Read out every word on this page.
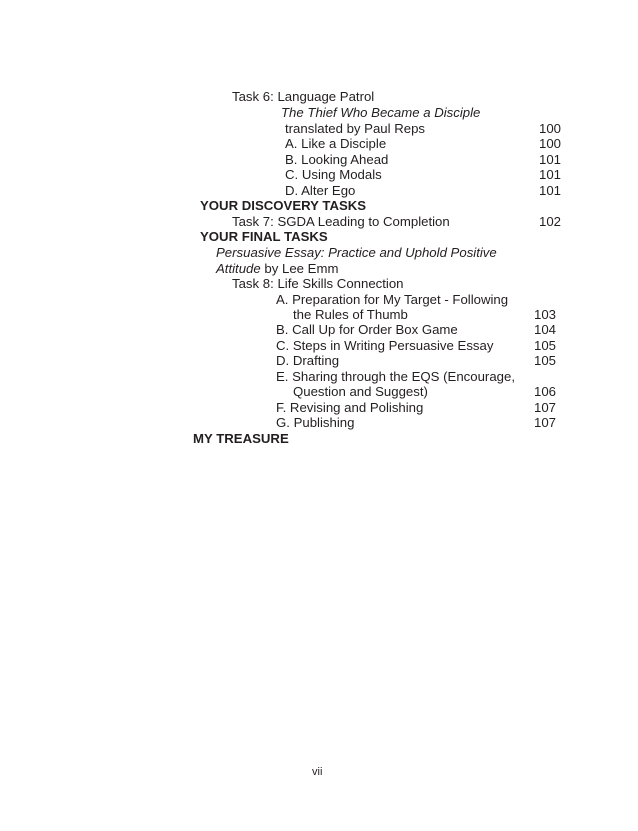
Task 6: Language Patrol
The Thief Who Became a Disciple
translated by Paul Reps	100
A. Like a Disciple	100
B. Looking Ahead	101
C. Using Modals	101
D. Alter Ego	101
YOUR DISCOVERY TASKS
Task 7: SGDA Leading to Completion	102
YOUR FINAL TASKS
Persuasive Essay: Practice and Uphold Positive
Attitude by Lee Emm
Task 8: Life Skills Connection
A. Preparation for My Target - Following
the Rules of Thumb	103
B. Call Up for Order Box Game	104
C. Steps in Writing Persuasive Essay	105
D. Drafting	105
E. Sharing through the EQS (Encourage,
Question and Suggest)	106
F. Revising and Polishing	107
G. Publishing	107
MY TREASURE
vii
